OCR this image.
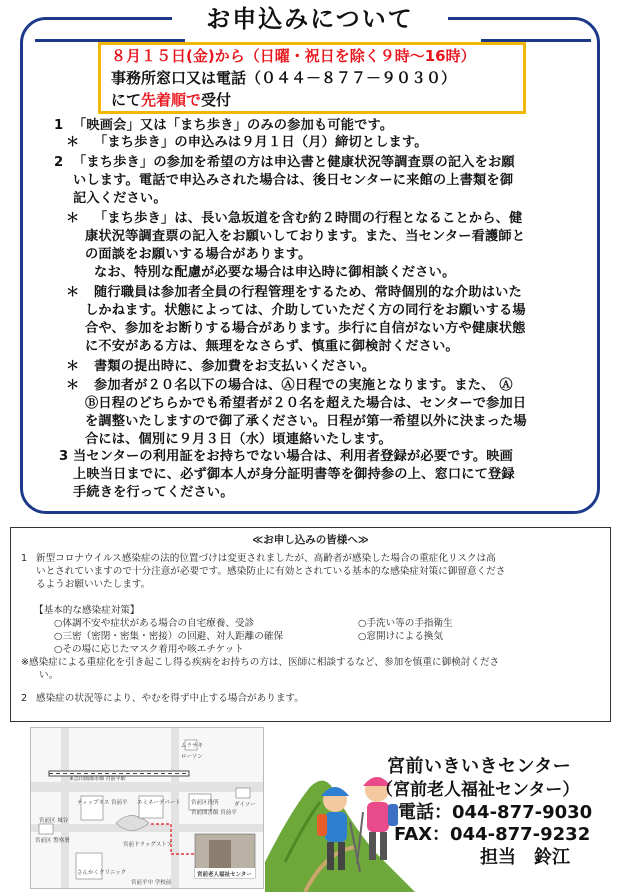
お申込みについて
８月１５日(金)から（日曜・祝日を除く９時〜16時）
事務所窓口又は電話（０４４－８７７－９０３０）
にて先着順で受付
1 「映画会」又は「まち歩き」のみの参加も可能です。
＊ 「まち歩き」の申込みは９月１日（月）締切とします。
2 「まち歩き」の参加を希望の方は申込書と健康状況等調査票の記入をお願
いします。電話で申込みされた場合は、後日センターに来館の上書類を御
記入ください。
＊	「まち歩き」は、長い急坂道を含む約２時間の行程となることから、健
康状況等調査票の記入をお願いしております。また、当センター看護師と
の面談をお願いする場合があります。
なお、特別な配慮が必要な場合は申込時に御相談ください。
＊	随行職員は参加者全員の行程管理をするため、常時個別的な介助はいた
しかねます。状態によっては、介助していただく方の同行をお願いする場
合や、参加をお断りする場合があります。歩行に自信がない方や健康状態
に不安がある方は、無理をなさらず、慎重に御検討ください。
＊ 書類の提出時に、参加費をお支払いください。
＊	参加者が２０名以下の場合は、Ⓐ日程での実施となります。また、 Ⓐ
Ⓑ日程のどちらかでも希望者が２０名を超えた場合は、センターで参加日
を調整いたしますので御了承ください。日程が第一希望以外に決まった場
合には、個別に９月３日（水）頃連絡いたします。
3 当センターの利用証をお持ちでない場合は、利用者登録が必要です。映画
上映当日までに、必ず御本人が身分証明書等を御持参の上、窓口にて登録
手続きを行ってください。
≪お申し込みの皆様へ≫
1 新型コロナウイルス感染症の法的位置づけは変更されましたが、高齢者が感染した場合の重症化リスクは高
いとされていますので十分注意が必要です。感染防止に有効とされている基本的な感染症対策に御留意くださ
るようお願いいたします。
【基本的な感染症対策】
○体調不安や症状がある場合の自宅療養、受診
○三密（密閉・密集・密接）の回避、対人距離の確保
○その場に応じたマスク着用や咳エチケット
○手洗い等の手指衛生
○窓開けによる換気
※感染症による重症化を引き起こし得る疾病をお持ちの方は、医師に相談するなど、参加を慎重に御検討くださ
い。
2 感染症の状況等により、やむを得ず中止する場合があります。
東急田園都市線 宮前平駅
ムラサキ
ローソン
宮前区役所	ダイソー
ティップネス 宮前平 エミネーデパート
宮前図書館 宮前平
宮前区 城谷
宮前区 警察署
宮前ドラッグストア
さんかくクリニック
宮前平中 学校前
宮前老人福祉センター
宮前いきいきセンター
（宮前老人福祉センター）
電話：044-877-9030
FAX：044-877-9232
担当　鈴江
